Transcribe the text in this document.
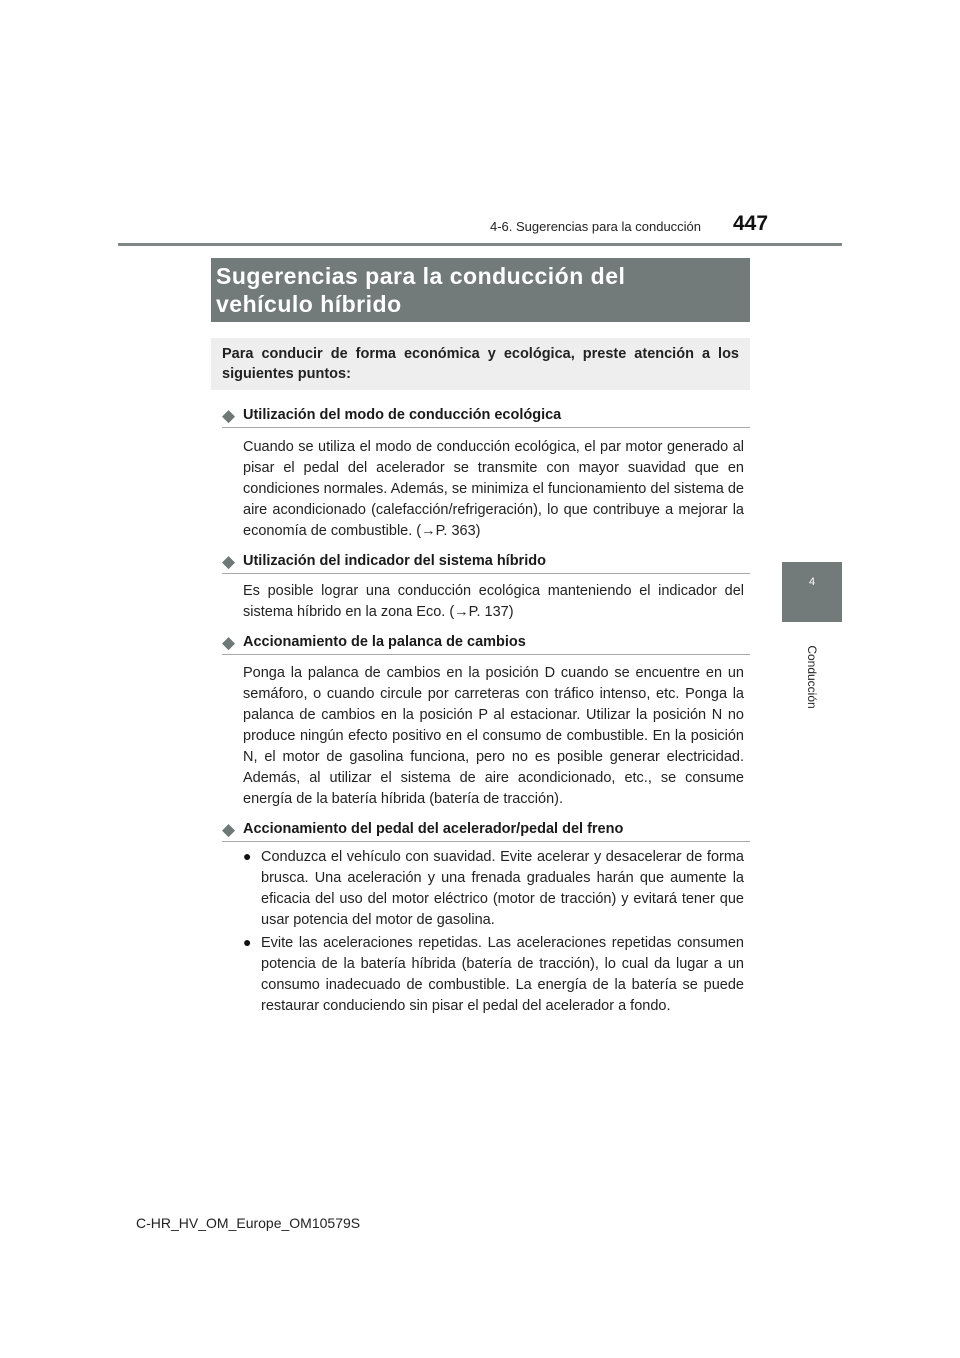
4-6. Sugerencias para la conducción 447
4
Conducción
Sugerencias para la conducción del
vehículo híbrido
Para conducir de forma económica y ecológica, preste atención a los siguientes puntos:
◆ Utilización del modo de conducción ecológica
Cuando se utiliza el modo de conducción ecológica, el par motor generado al pisar el pedal del acelerador se transmite con mayor suavidad que en condiciones normales. Además, se minimiza el funcionamiento del sistema de aire acondicionado (calefacción/refrigeración), lo que contribuye a mejorar la economía de combustible. (→P. 363)
◆ Utilización del indicador del sistema híbrido
Es posible lograr una conducción ecológica manteniendo el indicador del sistema híbrido en la zona Eco. (→P. 137)
◆ Accionamiento de la palanca de cambios
Ponga la palanca de cambios en la posición D cuando se encuentre en un semáforo, o cuando circule por carreteras con tráfico intenso, etc. Ponga la palanca de cambios en la posición P al estacionar. Utilizar la posición N no produce ningún efecto positivo en el consumo de combustible. En la posición N, el motor de gasolina funciona, pero no es posible generar electricidad. Además, al utilizar el sistema de aire acondicionado, etc., se consume energía de la batería híbrida (batería de tracción).
◆ Accionamiento del pedal del acelerador/pedal del freno
● Conduzca el vehículo con suavidad. Evite acelerar y desacelerar de forma brusca. Una aceleración y una frenada graduales harán que aumente la eficacia del uso del motor eléctrico (motor de tracción) y evitará tener que usar potencia del motor de gasolina.
● Evite las aceleraciones repetidas. Las aceleraciones repetidas consumen potencia de la batería híbrida (batería de tracción), lo cual da lugar a un consumo inadecuado de combustible. La energía de la batería se puede restaurar conduciendo sin pisar el pedal del acelerador a fondo.
C-HR_HV_OM_Europe_OM10579S
